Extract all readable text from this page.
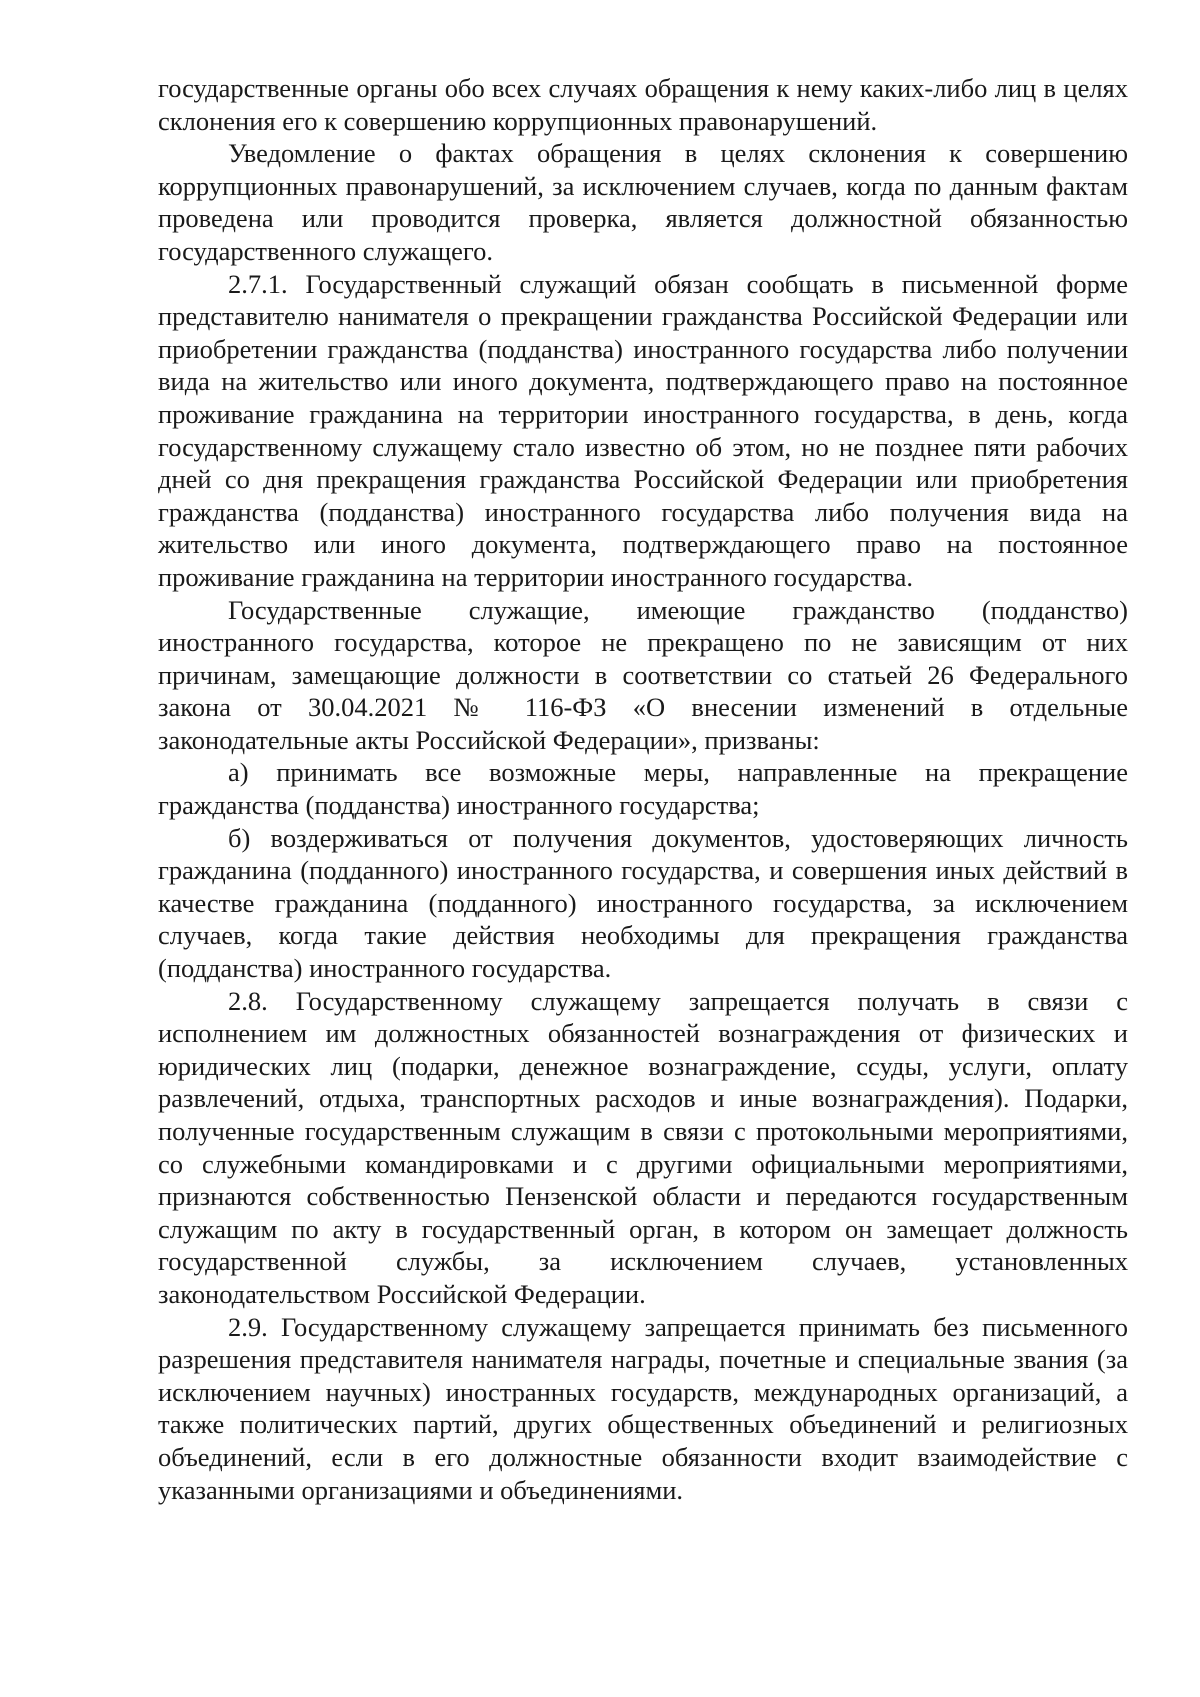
государственные органы обо всех случаях обращения к нему каких-либо лиц в целях склонения его к совершению коррупционных правонарушений.

Уведомление о фактах обращения в целях склонения к совершению коррупционных правонарушений, за исключением случаев, когда по данным фактам проведена или проводится проверка, является должностной обязанностью государственного служащего.

2.7.1. Государственный служащий обязан сообщать в письменной форме представителю нанимателя о прекращении гражданства Российской Федерации или приобретении гражданства (подданства) иностранного государства либо получении вида на жительство или иного документа, подтверждающего право на постоянное проживание гражданина на территории иностранного государства, в день, когда государственному служащему стало известно об этом, но не позднее пяти рабочих дней со дня прекращения гражданства Российской Федерации или приобретения гражданства (подданства) иностранного государства либо получения вида на жительство или иного документа, подтверждающего право на постоянное проживание гражданина на территории иностранного государства.

Государственные служащие, имеющие гражданство (подданство) иностранного государства, которое не прекращено по не зависящим от них причинам, замещающие должности в соответствии со статьей 26 Федерального закона от 30.04.2021 № 116-ФЗ «О внесении изменений в отдельные законодательные акты Российской Федерации», призваны:

а) принимать все возможные меры, направленные на прекращение гражданства (подданства) иностранного государства;

б) воздерживаться от получения документов, удостоверяющих личность гражданина (подданного) иностранного государства, и совершения иных действий в качестве гражданина (подданного) иностранного государства, за исключением случаев, когда такие действия необходимы для прекращения гражданства (подданства) иностранного государства.

2.8. Государственному служащему запрещается получать в связи с исполнением им должностных обязанностей вознаграждения от физических и юридических лиц (подарки, денежное вознаграждение, ссуды, услуги, оплату развлечений, отдыха, транспортных расходов и иные вознаграждения). Подарки, полученные государственным служащим в связи с протокольными мероприятиями, со служебными командировками и с другими официальными мероприятиями, признаются собственностью Пензенской области и передаются государственным служащим по акту в государственный орган, в котором он замещает должность государственной службы, за исключением случаев, установленных законодательством Российской Федерации.

2.9. Государственному служащему запрещается принимать без письменного разрешения представителя нанимателя награды, почетные и специальные звания (за исключением научных) иностранных государств, международных организаций, а также политических партий, других общественных объединений и религиозных объединений, если в его должностные обязанности входит взаимодействие с указанными организациями и объединениями.
